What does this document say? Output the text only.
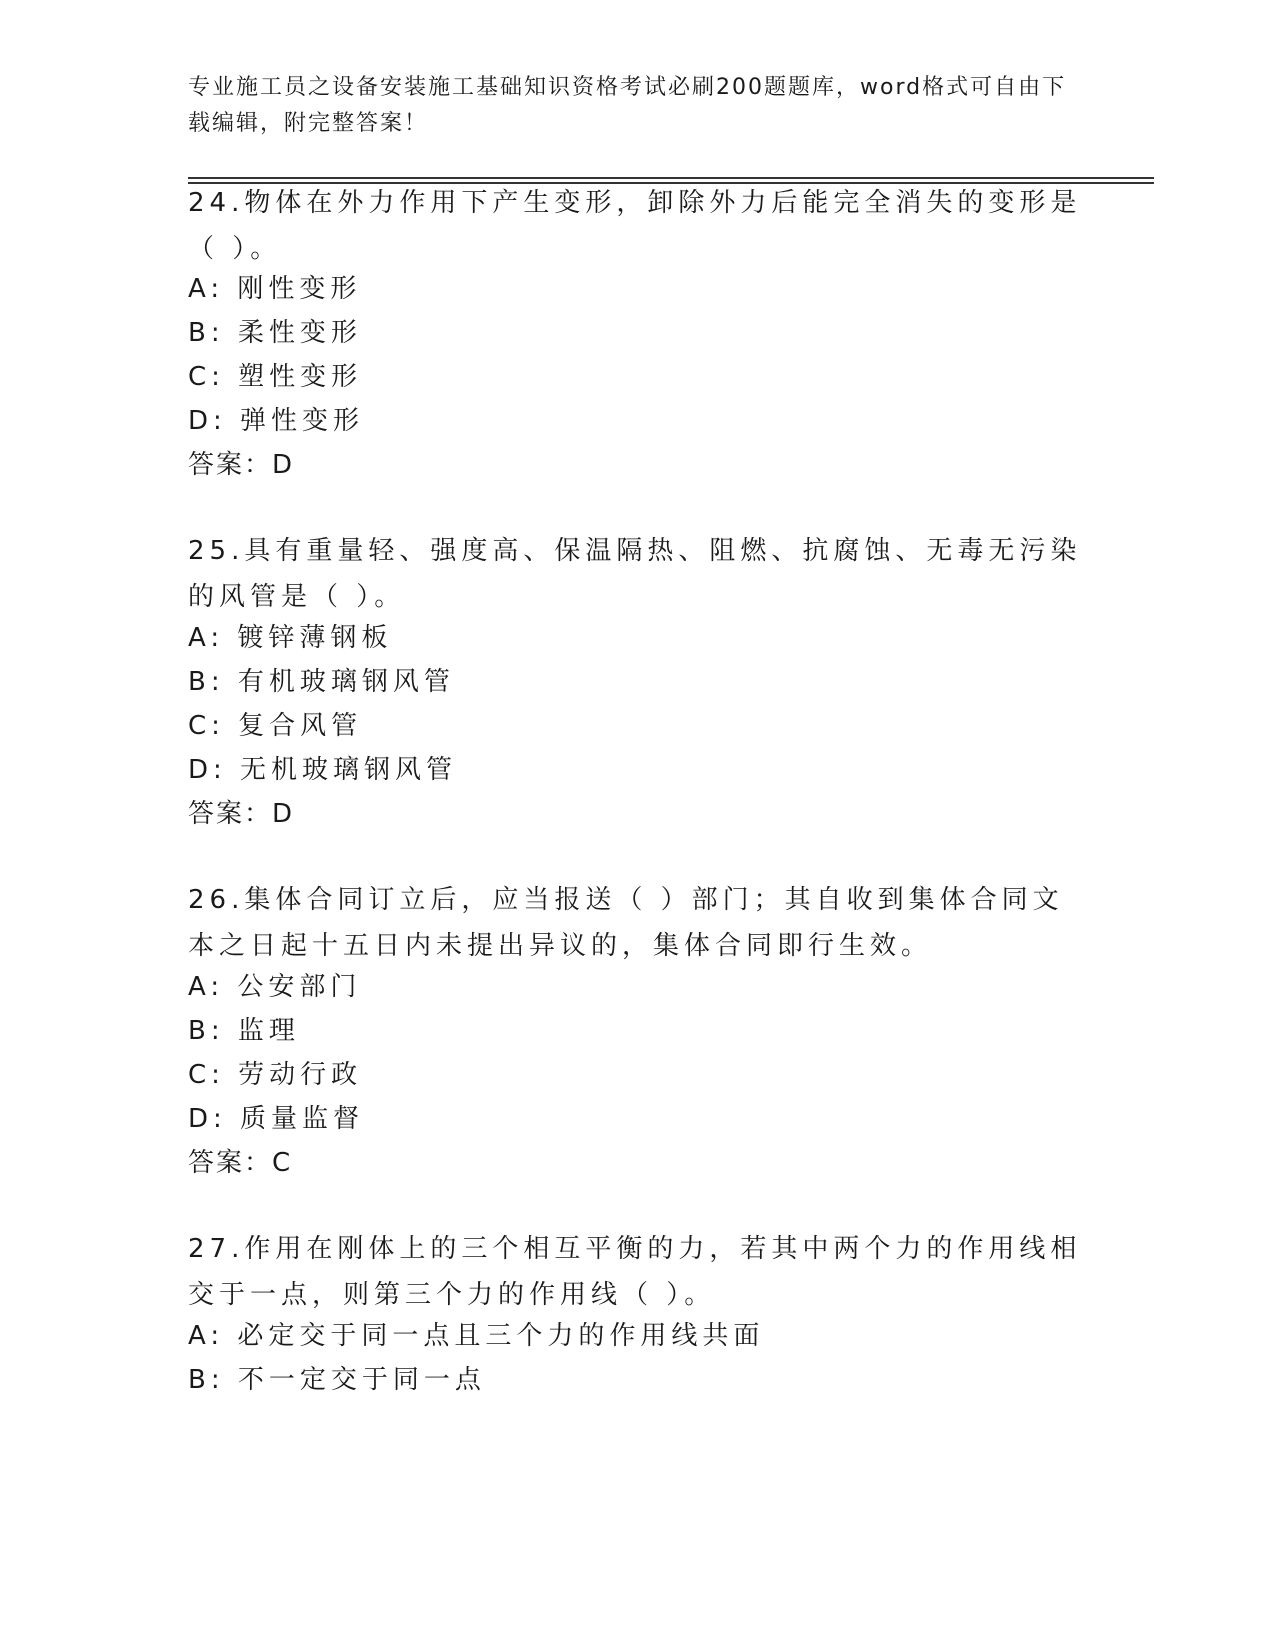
专业施工员之设备安装施工基础知识资格考试必刷200题题库，word格式可自由下载编辑，附完整答案！
24.物体在外力作用下产生变形，卸除外力后能完全消失的变形是（ ）。
A: 刚性变形
B: 柔性变形
C: 塑性变形
D: 弹性变形
答案：D
25.具有重量轻、强度高、保温隔热、阻燃、抗腐蚀、无毒无污染的风管是（ ）。
A: 镀锌薄钢板
B: 有机玻璃钢风管
C: 复合风管
D: 无机玻璃钢风管
答案：D
26.集体合同订立后，应当报送（ ）部门；其自收到集体合同文本之日起十五日内未提出异议的，集体合同即行生效。
A: 公安部门
B: 监理
C: 劳动行政
D: 质量监督
答案：C
27.作用在刚体上的三个相互平衡的力，若其中两个力的作用线相交于一点，则第三个力的作用线（ ）。
A: 必定交于同一点且三个力的作用线共面
B: 不一定交于同一点
